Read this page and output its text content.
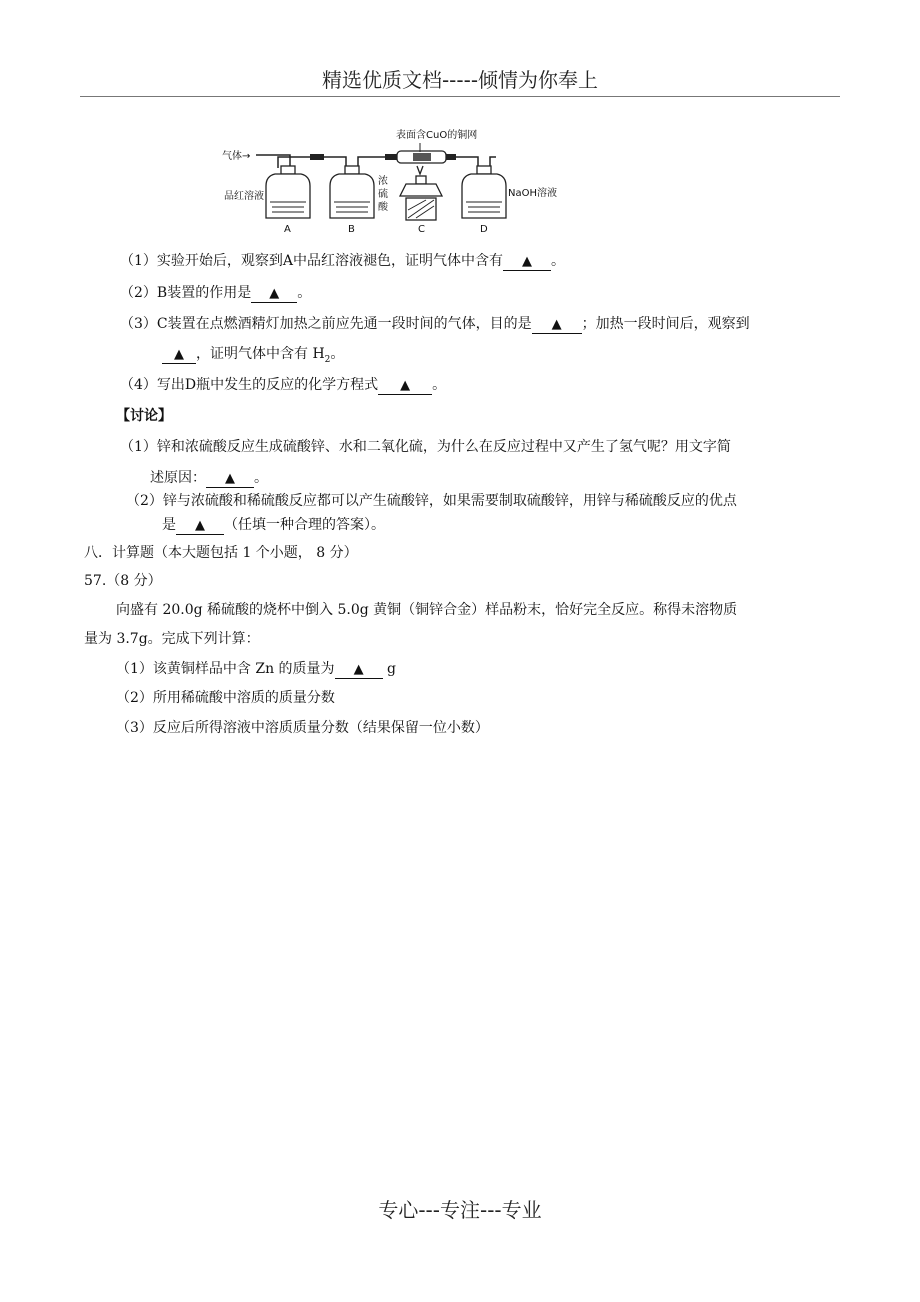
精选优质文档-----倾情为你奉上
气体→
表面含CuO的铜网
品红溶液
浓
硫
酸
NaOH溶液
A	B	C	D
（1）实验开始后，观察到A中品红溶液褪色，证明气体中含有 ▲ 。
（2）B装置的作用是 ▲ 。
（3）C装置在点燃酒精灯加热之前应先通一段时间的气体，目的是 ▲ ；加热一段时间后，观察到
▲ ，证明气体中含有 $H_2$。
（4）写出D瓶中发生的反应的化学方程式 ▲ 。
【讨论】
（1）锌和浓硫酸反应生成硫酸锌、水和二氧化硫，为什么在反应过程中又产生了氢气呢？用文字简
述原因： ▲ 。
（2）锌与浓硫酸和稀硫酸反应都可以产生硫酸锌，如果需要制取硫酸锌，用锌与稀硫酸反应的优点
是 ▲ （任填一种合理的答案）。
八．计算题（本大题包括 1 个小题， 8 分）
57.（8 分）
向盛有 20.0g 稀硫酸的烧杯中倒入 5.0g 黄铜（铜锌合金）样品粉末，恰好完全反应。称得未溶物质
量为 3.7g。完成下列计算：
（1）该黄铜样品中含 Zn 的质量为 ▲ g
（2）所用稀硫酸中溶质的质量分数
（3）反应后所得溶液中溶质质量分数（结果保留一位小数）
专心---专注---专业
